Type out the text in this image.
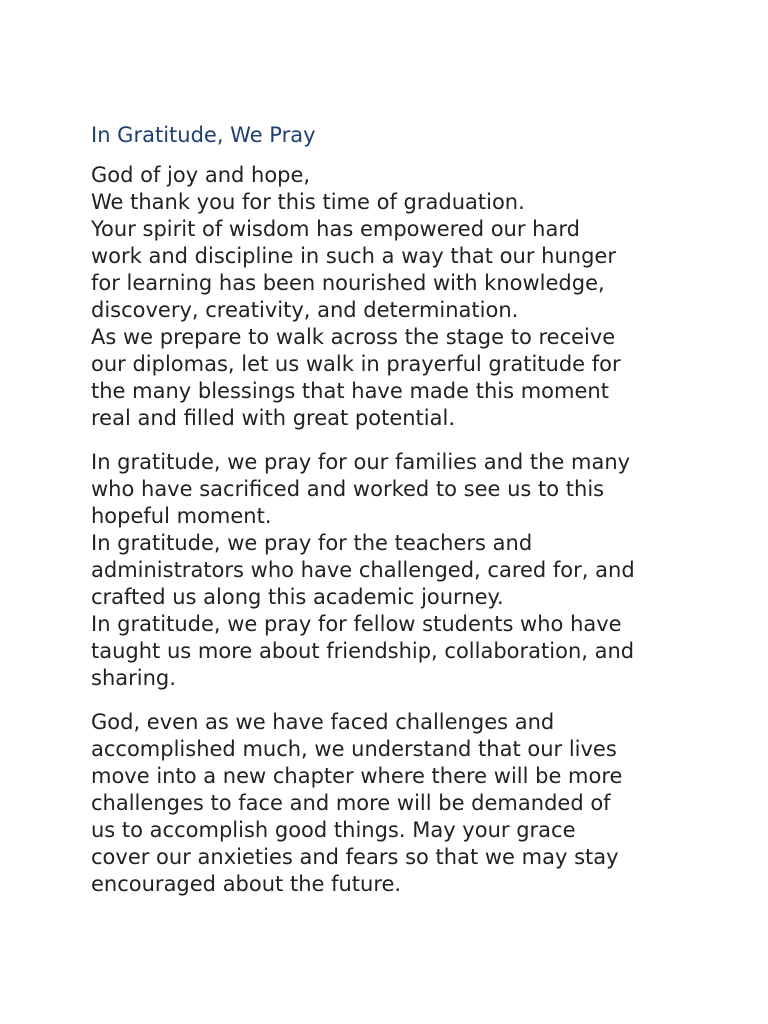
In Gratitude, We Pray
God of joy and hope,
We thank you for this time of graduation.
Your spirit of wisdom has empowered our hard
work and discipline in such a way that our hunger
for learning has been nourished with knowledge,
discovery, creativity, and determination.
As we prepare to walk across the stage to receive
our diplomas, let us walk in prayerful gratitude for
the many blessings that have made this moment
real and filled with great potential.
In gratitude, we pray for our families and the many
who have sacrificed and worked to see us to this
hopeful moment.
In gratitude, we pray for the teachers and
administrators who have challenged, cared for, and
crafted us along this academic journey.
In gratitude, we pray for fellow students who have
taught us more about friendship, collaboration, and
sharing.
God, even as we have faced challenges and
accomplished much, we understand that our lives
move into a new chapter where there will be more
challenges to face and more will be demanded of
us to accomplish good things. May your grace
cover our anxieties and fears so that we may stay
encouraged about the future.
